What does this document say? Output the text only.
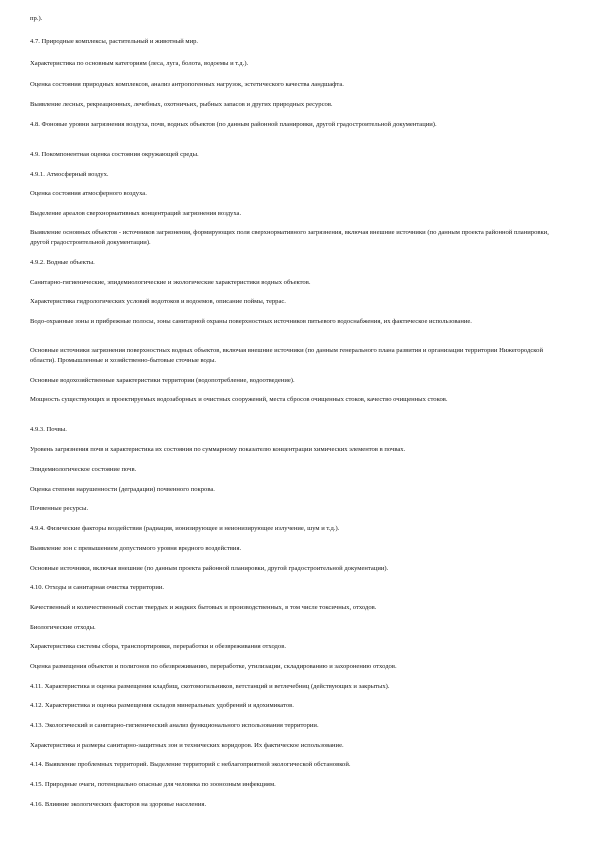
пр.).
4.7. Природные комплексы, растительный и животный мир.
Характеристика по основным категориям (леса, луга, болота, водоемы и т.д.).
Оценка состояния природных комплексов, анализ антропогенных нагрузок, эстетического качества ландшафта.
Выявление лесных, рекреационных, лечебных, охотничьих, рыбных запасов и других природных ресурсов.
4.8. Фоновые уровни загрязнения воздуха, почв, водных объектов (по данным районной планировки, другой градостроительной документации).
4.9. Покомпонентная оценка состояния окружающей среды.
4.9.1. Атмосферный воздух.
Оценка состояния атмосферного воздуха.
Выделение ареалов сверхнормативных концентраций загрязнения воздуха.
Выявление основных объектов - источников загрязнения, формирующих поля сверхнормативного загрязнения, включая внешние источники (по данным проекта районной планировки, другой градостроительной документации).
4.9.2. Водные объекты.
Санитарно-гигиенические, эпидемиологические и экологические характеристики водных объектов.
Характеристика гидрологических условий водотоков и водоемов, описание поймы, террас.
Водо-охранные зоны и прибрежные полосы, зоны санитарной охраны поверхностных источников питьевого водоснабжения, их фактическое использование.
Основные источники загрязнения поверхностных водных объектов, включая внешние источники (по данным генерального плана развития и организации территории Нижегородской области). Промышленные и хозяйственно-бытовые сточные воды.
Основные водохозяйственные характеристики территории (водопотребление, водоотведение).
Мощность существующих и проектируемых водозаборных и очистных сооружений, места сбросов очищенных стоков, качество очищенных стоков.
4.9.3. Почвы.
Уровень загрязнения почв и характеристика их состояния по суммарному показателю концентрации химических элементов в почвах.
Эпидемиологическое состояние почв.
Оценка степени нарушенности (деградации) почвенного покрова.
Почвенные ресурсы.
4.9.4. Физические факторы воздействия (радиация, ионизирующее и неионизирующее излучение, шум и т.д.).
Выявление зон с превышением допустимого уровня вредного воздействия.
Основные источники, включая внешние (по данным проекта районной планировки, другой градостроительной документации).
4.10. Отходы и санитарная очистка территории.
Качественный и количественный состав твердых и жидких бытовых и производственных, в том числе токсичных, отходов.
Биологические отходы.
Характеристика системы сбора, транспортировки, переработки и обезвреживания отходов.
Оценка размещения объектов и полигонов по обезвреживанию, переработке, утилизации, складированию и захоронению отходов.
4.11. Характеристика и оценка размещения кладбищ, скотомогильников, ветстанций и ветлечебниц (действующих и закрытых).
4.12. Характеристика и оценка размещения складов минеральных удобрений и ядохимикатов.
4.13. Экологический и санитарно-гигиенический анализ функционального использования территории.
Характеристика и размеры санитарно-защитных зон и технических коридоров. Их фактическое использование.
4.14. Выявление проблемных территорий. Выделение территорий с неблагоприятной экологической обстановкой.
4.15. Природные очаги, потенциально опасные для человека по зоонозным инфекциям.
4.16. Влияние экологических факторов на здоровье населения.
